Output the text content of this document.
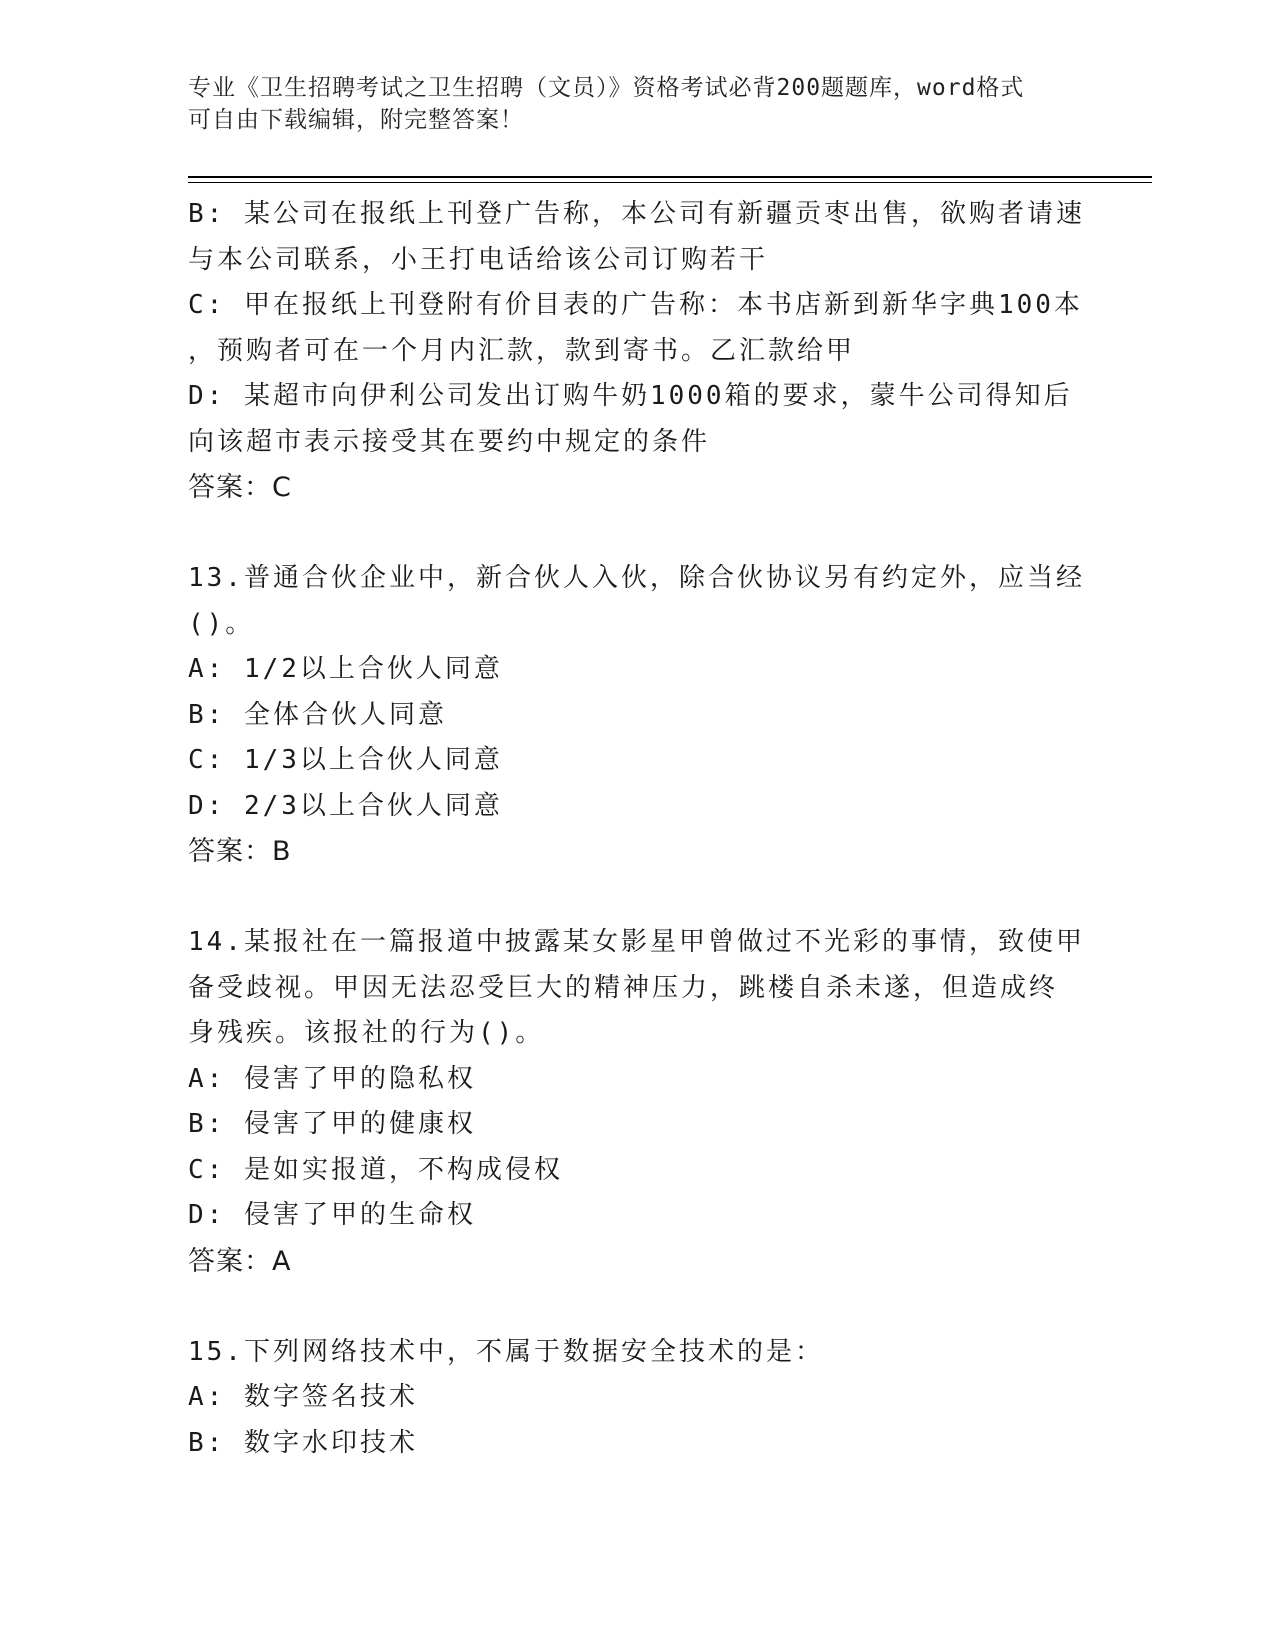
专业《卫生招聘考试之卫生招聘（文员）》资格考试必背200题题库，word格式
可自由下载编辑，附完整答案！
B: 某公司在报纸上刊登广告称，本公司有新疆贡枣出售，欲购者请速
与本公司联系，小王打电话给该公司订购若干
C: 甲在报纸上刊登附有价目表的广告称：本书店新到新华字典100本
，预购者可在一个月内汇款，款到寄书。乙汇款给甲
D: 某超市向伊利公司发出订购牛奶1000箱的要求，蒙牛公司得知后
向该超市表示接受其在要约中规定的条件
答案：C
13.普通合伙企业中，新合伙人入伙，除合伙协议另有约定外，应当经
()。
A: 1/2以上合伙人同意
B: 全体合伙人同意
C: 1/3以上合伙人同意
D: 2/3以上合伙人同意
答案：B
14.某报社在一篇报道中披露某女影星甲曾做过不光彩的事情，致使甲
备受歧视。甲因无法忍受巨大的精神压力，跳楼自杀未遂，但造成终
身残疾。该报社的行为()。
A: 侵害了甲的隐私权
B: 侵害了甲的健康权
C: 是如实报道，不构成侵权
D: 侵害了甲的生命权
答案：A
15.下列网络技术中，不属于数据安全技术的是：
A: 数字签名技术
B: 数字水印技术
